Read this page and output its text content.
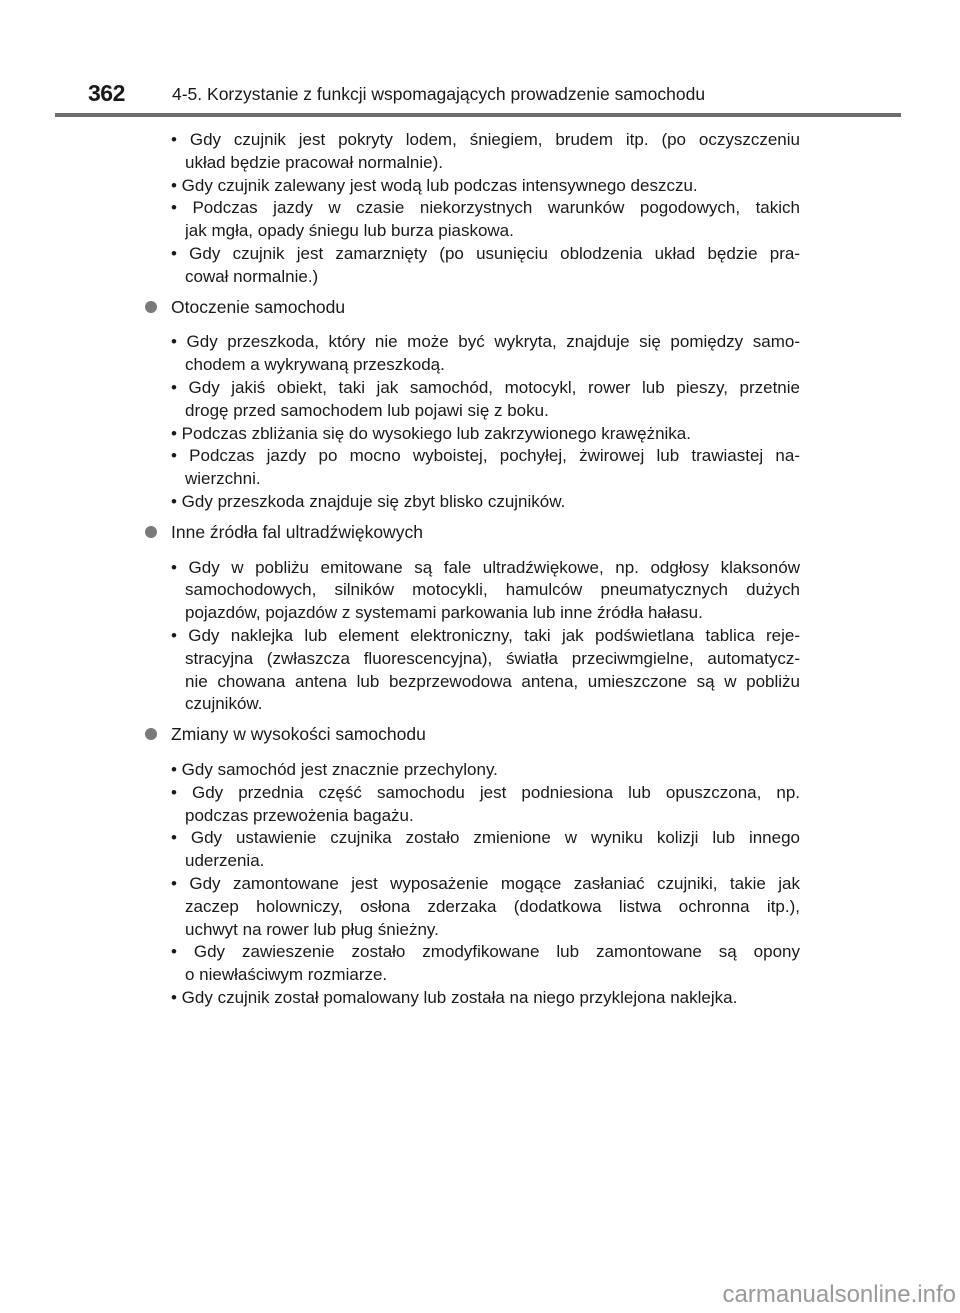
362	4-5. Korzystanie z funkcji wspomagających prowadzenie samochodu
• Gdy czujnik jest pokryty lodem, śniegiem, brudem itp. (po oczyszczeniu
układ będzie pracował normalnie).
• Gdy czujnik zalewany jest wodą lub podczas intensywnego deszczu.
• Podczas jazdy w czasie niekorzystnych warunków pogodowych, takich
jak mgła, opady śniegu lub burza piaskowa.
• Gdy czujnik jest zamarznięty (po usunięciu oblodzenia układ będzie pra-
cował normalnie.)
Otoczenie samochodu
• Gdy przeszkoda, który nie może być wykryta, znajduje się pomiędzy samo-
chodem a wykrywaną przeszkodą.
• Gdy jakiś obiekt, taki jak samochód, motocykl, rower lub pieszy, przetnie
drogę przed samochodem lub pojawi się z boku.
• Podczas zbliżania się do wysokiego lub zakrzywionego krawężnika.
• Podczas jazdy po mocno wyboistej, pochyłej, żwirowej lub trawiastej na-
wierzchni.
• Gdy przeszkoda znajduje się zbyt blisko czujników.
Inne źródła fal ultradźwiękowych
• Gdy w pobliżu emitowane są fale ultradźwiękowe, np. odgłosy klaksonów
samochodowych, silników motocykli, hamulców pneumatycznych dużych
pojazdów, pojazdów z systemami parkowania lub inne źródła hałasu.
• Gdy naklejka lub element elektroniczny, taki jak podświetlana tablica reje-
stracyjna (zwłaszcza fluorescencyjna), światła przeciwmgielne, automatycz-
nie chowana antena lub bezprzewodowa antena, umieszczone są w pobliżu
czujników.
Zmiany w wysokości samochodu
• Gdy samochód jest znacznie przechylony.
• Gdy przednia część samochodu jest podniesiona lub opuszczona, np.
podczas przewożenia bagażu.
• Gdy ustawienie czujnika zostało zmienione w wyniku kolizji lub innego
uderzenia.
• Gdy zamontowane jest wyposażenie mogące zasłaniać czujniki, takie jak
zaczep holowniczy, osłona zderzaka (dodatkowa listwa ochronna itp.),
uchwyt na rower lub pług śnieżny.
• Gdy zawieszenie zostało zmodyfikowane lub zamontowane są opony
o niewłaściwym rozmiarze.
• Gdy czujnik został pomalowany lub została na niego przyklejona naklejka.
carmanualsonline.info
